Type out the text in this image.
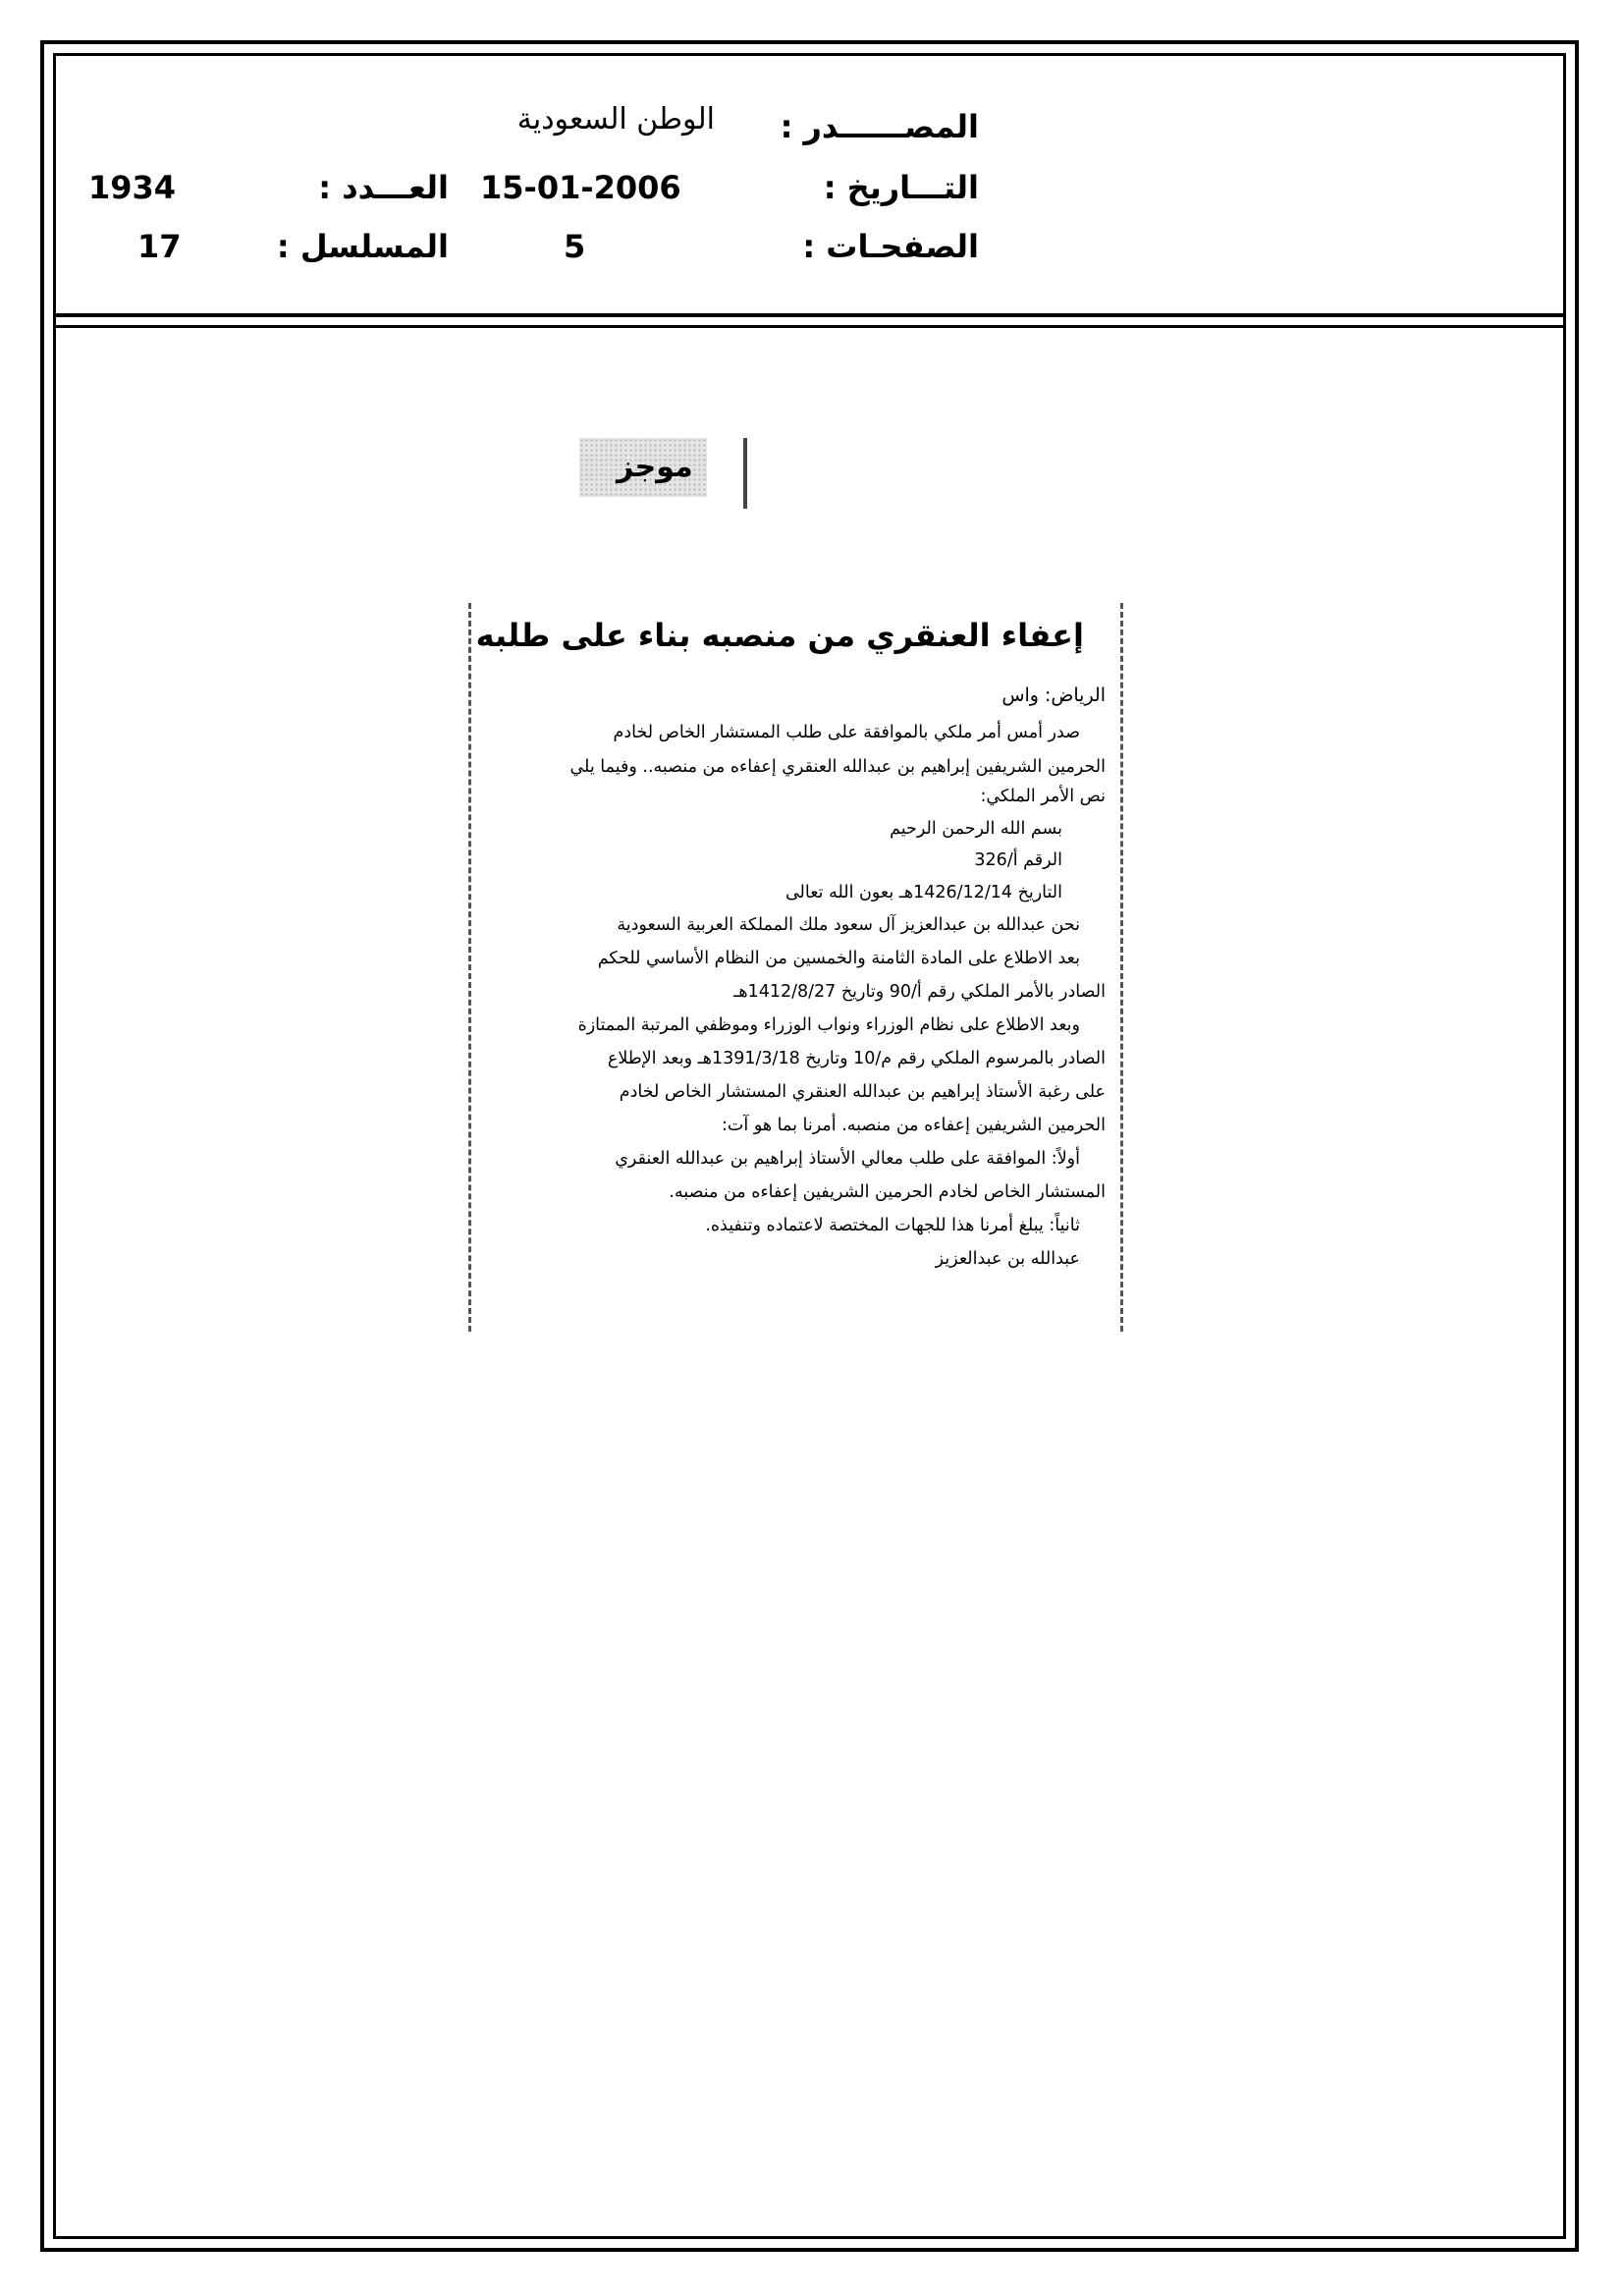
المصــــــدر :
الوطن السعودية
التـــاريخ :
15-01-2006
العـــدد :
1934
الصفحـات :
5
المسلسل :
17
موجز
إعفاء العنقري من منصبه بناء على طلبه
الرياض: واس
صدر أمس أمر ملكي بالموافقة على طلب المستشار الخاص لخادم
الحرمين الشريفين إبراهيم بن عبدالله العنقري إعفاءه من منصبه.. وفيما يلي
نص الأمر الملكي:
بسم الله الرحمن الرحيم
الرقم أ/326
التاريخ 1426/12/14هـ بعون الله تعالى
نحن عبدالله بن عبدالعزيز آل سعود ملك المملكة العربية السعودية
بعد الاطلاع على المادة الثامنة والخمسين من النظام الأساسي للحكم
الصادر بالأمر الملكي رقم أ/90 وتاريخ 1412/8/27هـ
وبعد الاطلاع على نظام الوزراء ونواب الوزراء وموظفي المرتبة الممتازة
الصادر بالمرسوم الملكي رقم م/10 وتاريخ 1391/3/18هـ وبعد الإطلاع
على رغبة الأستاذ إبراهيم بن عبدالله العنقري المستشار الخاص لخادم
الحرمين الشريفين إعفاءه من منصبه. أمرنا بما هو آت:
أولاً: الموافقة على طلب معالي الأستاذ إبراهيم بن عبدالله العنقري
المستشار الخاص لخادم الحرمين الشريفين إعفاءه من منصبه.
ثانياً: يبلغ أمرنا هذا للجهات المختصة لاعتماده وتنفيذه.
عبدالله بن عبدالعزيز
